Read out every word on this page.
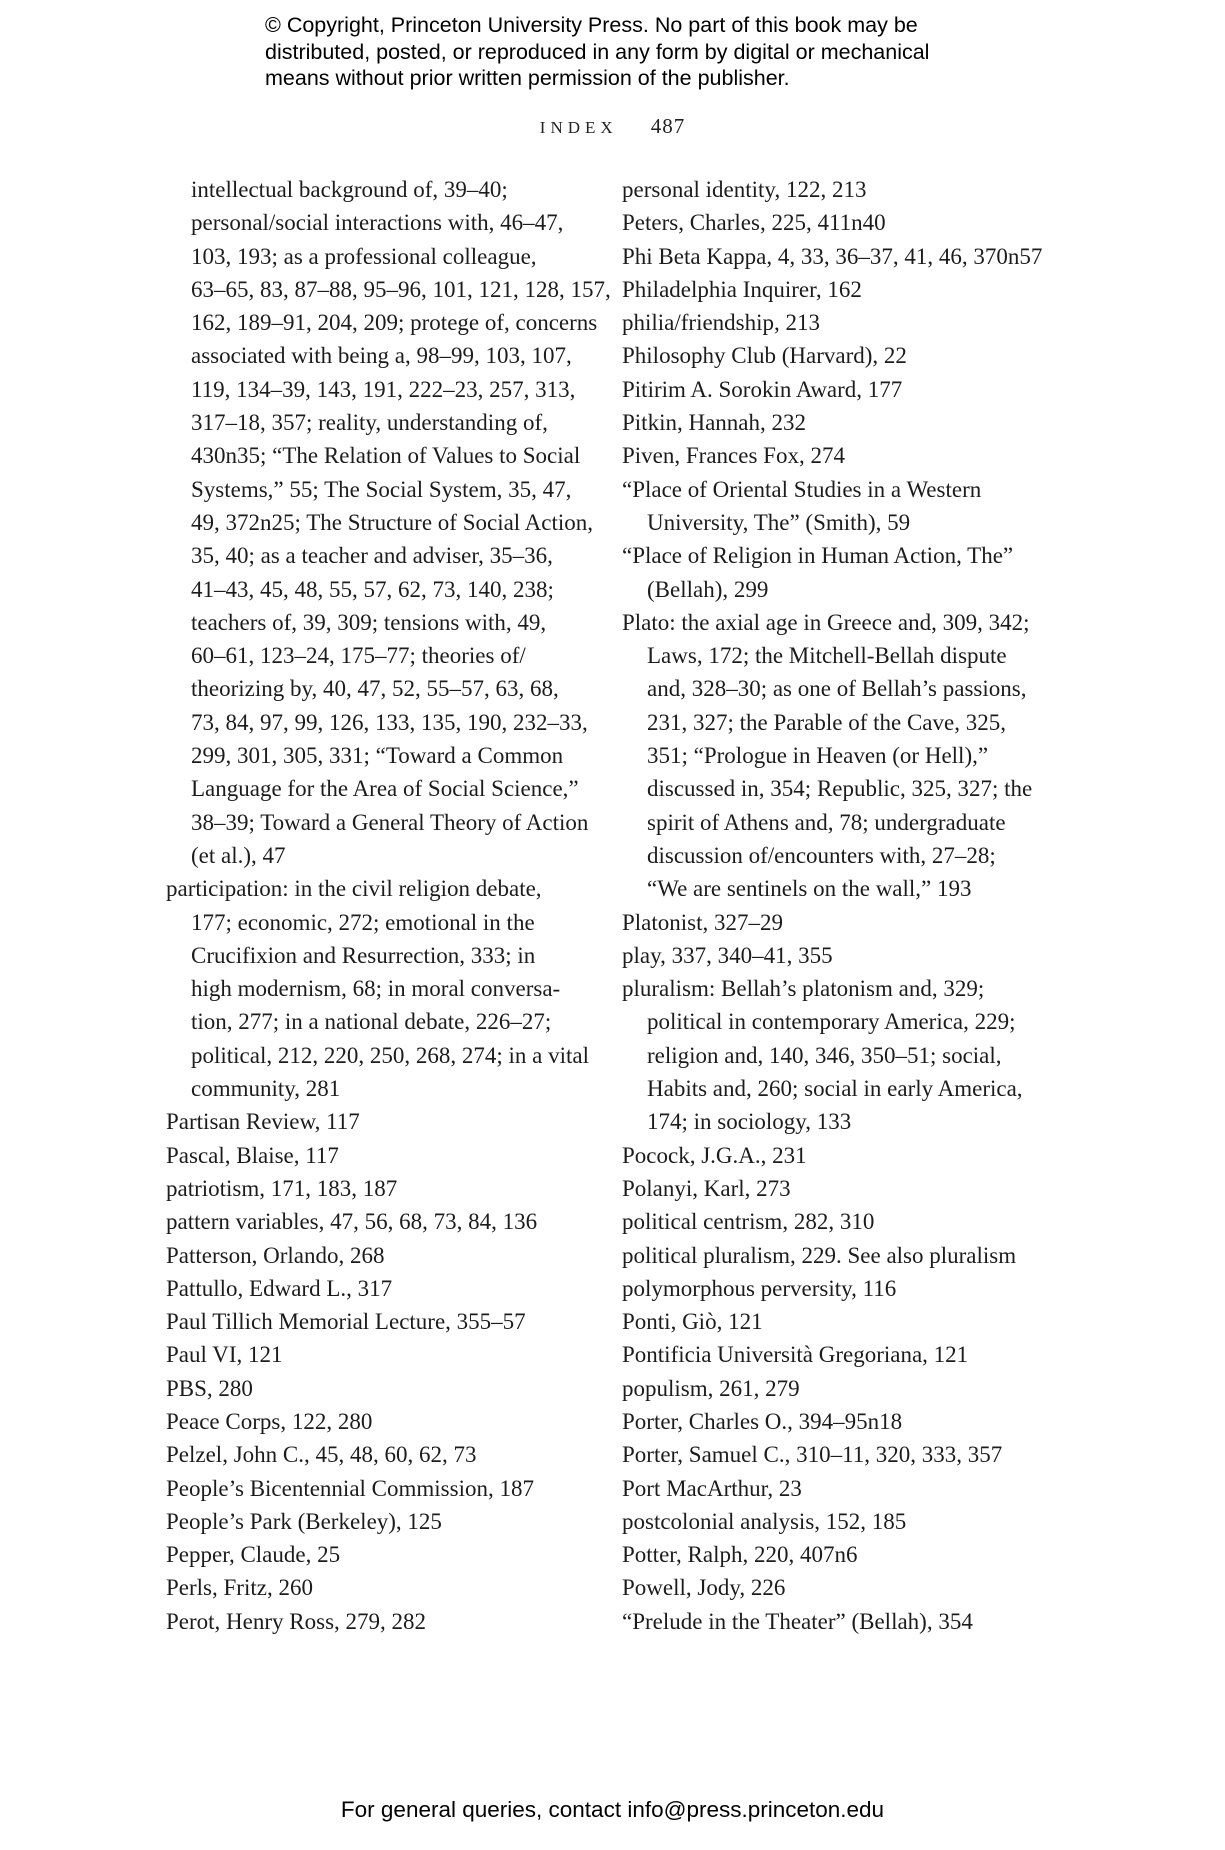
© Copyright, Princeton University Press. No part of this book may be
distributed, posted, or reproduced in any form by digital or mechanical
means without prior written permission of the publisher.
INDEX 487
intellectual background of, 39–40;
personal/social interactions with, 46–47,
103, 193; as a professional colleague,
63–65, 83, 87–88, 95–96, 101, 121, 128, 157,
162, 189–91, 204, 209; protege of, concerns
associated with being a, 98–99, 103, 107,
119, 134–39, 143, 191, 222–23, 257, 313,
317–18, 357; reality, understanding of,
430n35; “The Relation of Values to Social
Systems,” 55; The Social System, 35, 47,
49, 372n25; The Structure of Social Action,
35, 40; as a teacher and adviser, 35–36,
41–43, 45, 48, 55, 57, 62, 73, 140, 238;
teachers of, 39, 309; tensions with, 49,
60–61, 123–24, 175–77; theories of/
theorizing by, 40, 47, 52, 55–57, 63, 68,
73, 84, 97, 99, 126, 133, 135, 190, 232–33,
299, 301, 305, 331; “Toward a Common
Language for the Area of Social Science,”
38–39; Toward a General Theory of Action
(et al.), 47
participation: in the civil religion debate,
177; economic, 272; emotional in the
Crucifixion and Resurrection, 333; in
high modernism, 68; in moral conversa-
tion, 277; in a national debate, 226–27;
political, 212, 220, 250, 268, 274; in a vital
community, 281
Partisan Review, 117
Pascal, Blaise, 117
patriotism, 171, 183, 187
pattern variables, 47, 56, 68, 73, 84, 136
Patterson, Orlando, 268
Pattullo, Edward L., 317
Paul Tillich Memorial Lecture, 355–57
Paul VI, 121
PBS, 280
Peace Corps, 122, 280
Pelzel, John C., 45, 48, 60, 62, 73
People’s Bicentennial Commission, 187
People’s Park (Berkeley), 125
Pepper, Claude, 25
Perls, Fritz, 260
Perot, Henry Ross, 279, 282
personal identity, 122, 213
Peters, Charles, 225, 411n40
Phi Beta Kappa, 4, 33, 36–37, 41, 46, 370n57
Philadelphia Inquirer, 162
philia/friendship, 213
Philosophy Club (Harvard), 22
Pitirim A. Sorokin Award, 177
Pitkin, Hannah, 232
Piven, Frances Fox, 274
“Place of Oriental Studies in a Western
University, The” (Smith), 59
“Place of Religion in Human Action, The”
(Bellah), 299
Plato: the axial age in Greece and, 309, 342;
Laws, 172; the Mitchell-Bellah dispute
and, 328–30; as one of Bellah’s passions,
231, 327; the Parable of the Cave, 325,
351; “Prologue in Heaven (or Hell),”
discussed in, 354; Republic, 325, 327; the
spirit of Athens and, 78; undergraduate
discussion of/encounters with, 27–28;
“We are sentinels on the wall,” 193
Platonist, 327–29
play, 337, 340–41, 355
pluralism: Bellah’s platonism and, 329;
political in contemporary America, 229;
religion and, 140, 346, 350–51; social,
Habits and, 260; social in early America,
174; in sociology, 133
Pocock, J.G.A., 231
Polanyi, Karl, 273
political centrism, 282, 310
political pluralism, 229. See also pluralism
polymorphous perversity, 116
Ponti, Giò, 121
Pontificia Università Gregoriana, 121
populism, 261, 279
Porter, Charles O., 394–95n18
Porter, Samuel C., 310–11, 320, 333, 357
Port MacArthur, 23
postcolonial analysis, 152, 185
Potter, Ralph, 220, 407n6
Powell, Jody, 226
“Prelude in the Theater” (Bellah), 354
For general queries, contact info@press.princeton.edu
